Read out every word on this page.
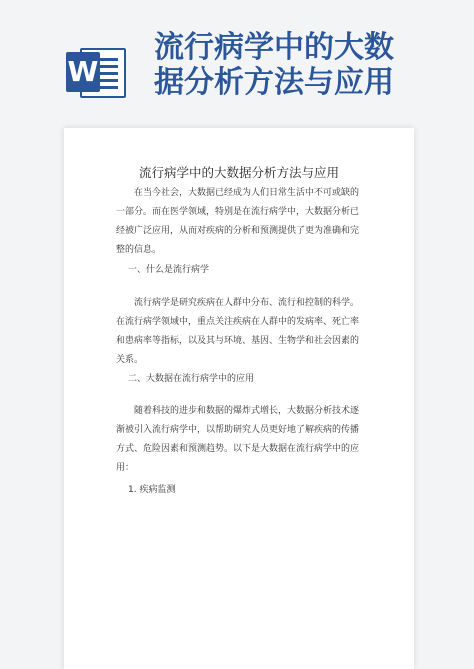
W
流行病学中的大数
据分析方法与应用
流行病学中的大数据分析方法与应用
在当今社会，大数据已经成为人们日常生活中不可或缺的一部分。而在医学领域，特别是在流行病学中，大数据分析已经被广泛应用，从而对疾病的分析和预测提供了更为准确和完整的信息。
一、什么是流行病学
流行病学是研究疾病在人群中分布、流行和控制的科学。在流行病学领域中，重点关注疾病在人群中的发病率、死亡率和患病率等指标，以及其与环境、基因、生物学和社会因素的关系。
二、大数据在流行病学中的应用
随着科技的进步和数据的爆炸式增长，大数据分析技术逐渐被引入流行病学中，以帮助研究人员更好地了解疾病的传播方式、危险因素和预测趋势。以下是大数据在流行病学中的应用：
1. 疾病监测
